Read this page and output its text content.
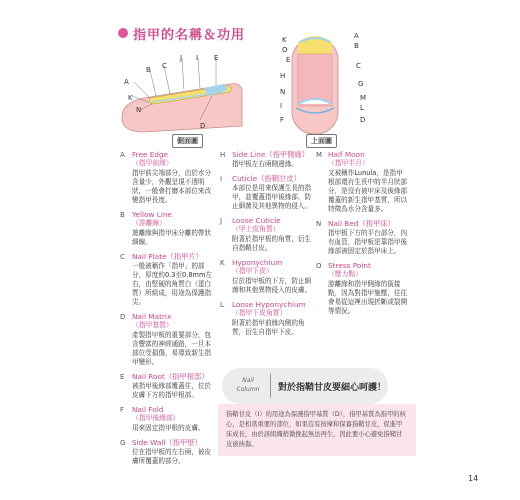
指甲的名稱＆功用
A
B C
J I E
K
N
D
側面圖
K
O
A
B
C
E
H
G
N
M
I	L
D
F
上面圖
A Free Edge
（指甲前緣）
指甲前尖端部分，由於水分含量少，外觀呈現不透明狀，一般會打磨本部位來改變指甲長度。
B Yellow Line
（游離線）
遊離緣與指甲床分離的帶狀細線。
C Nail Plate（指甲片）
一般被稱作「指甲」的部分，厚度約0.3至0.8mm左右，由堅硬的角質白（蛋白質）所組成，用途為保護指尖。
D Nail Matrix
（指甲基質）
產製指甲板的重要部分，包含豐富的神經通路，一旦本部位受損傷，易導致新生指甲變形。
E	Nail Root（指甲根部）
被指甲後緣部覆蓋住，位於皮膚下方的指甲根部。
F	Nail Fold
（指甲後緣部）
用來固定指甲根的皮膚。
G Side Wall（指甲壁）
位在指甲板的左右兩，被皮膚所覆蓋的部分。
H Side Line（指甲側緣）
指甲板左右兩側邊緣。
I	Cuticle（指鞘甘皮）
本部位是用來保護生長的指甲，並覆蓋指甲後緣部，防止細菌及其他異物的侵入。
J	Loose Cuticle
（甲上皮角質）
附著於指甲板的角質，衍生自指鞘甘皮。
K	Hyponychium
（指甲下皮）
位於指甲板的下方，防止細菌和其他異物侵入的皮膚。
L	Loose Hyponychium
（指甲下皮角質）
附著於指甲前緣內側的角質，衍生自指甲下皮。
M Half Moon
（指甲半月）
又被稱作Lunula，是指甲根部還有生長中的半月狀部分，是沒有被甲床及後緣部覆蓋的新生指甲基質，所以特徵為水分含量多。
N Nail Bed（指甲床）
指甲板下方的平台部分，內有血管，指甲板是靠指甲後緣部被固定於指甲床上。
O Stress Point
（壓力點）
游離緣和指甲側緣的銜接點，因為對指甲施壓，往往會易從這裡出現折斷或裂開等情況。
Nail
Column	對於指鞘甘皮要細心呵護！
指鞘甘皮（I）的用途為保護指甲基質（D），指甲基質為指甲的核心，是相當重要的部位，如果沒有按摩和保養指鞘甘皮，促進甲床成長，由於該組織稍微挽起無法再生，因此要小心避免指鞘甘皮被挾傷。
14
